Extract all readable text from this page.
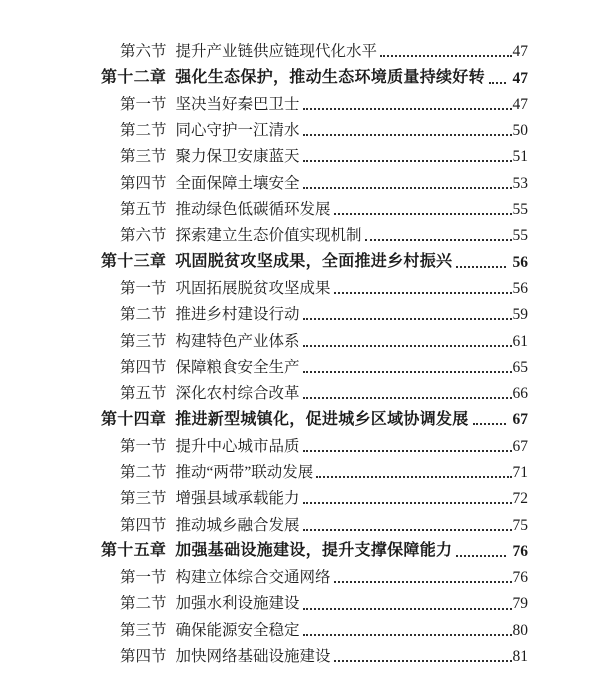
第六节 提升产业链供应链现代化水平	47
第十二章 强化生态保护，推动生态环境质量持续好转 47
第一节 坚决当好秦巴卫士	47
第二节 同心守护一江清水	50
第三节 聚力保卫安康蓝天	51
第四节 全面保障土壤安全	53
第五节 推动绿色低碳循环发展	55
第六节 探索建立生态价值实现机制	55
第十三章 巩固脱贫攻坚成果，全面推进乡村振兴	56
第一节 巩固拓展脱贫攻坚成果	56
第二节 推进乡村建设行动	59
第三节 构建特色产业体系	61
第四节 保障粮食安全生产	65
第五节 深化农村综合改革	66
第十四章 推进新型城镇化，促进城乡区域协调发展	67
第一节 提升中心城市品质	67
第二节 推动“两带”联动发展	71
第三节 增强县域承载能力	72
第四节 推动城乡融合发展	75
第十五章 加强基础设施建设，提升支撑保障能力	76
第一节 构建立体综合交通网络	76
第二节 加强水利设施建设	79
第三节 确保能源安全稳定	80
第四节 加快网络基础设施建设	81
